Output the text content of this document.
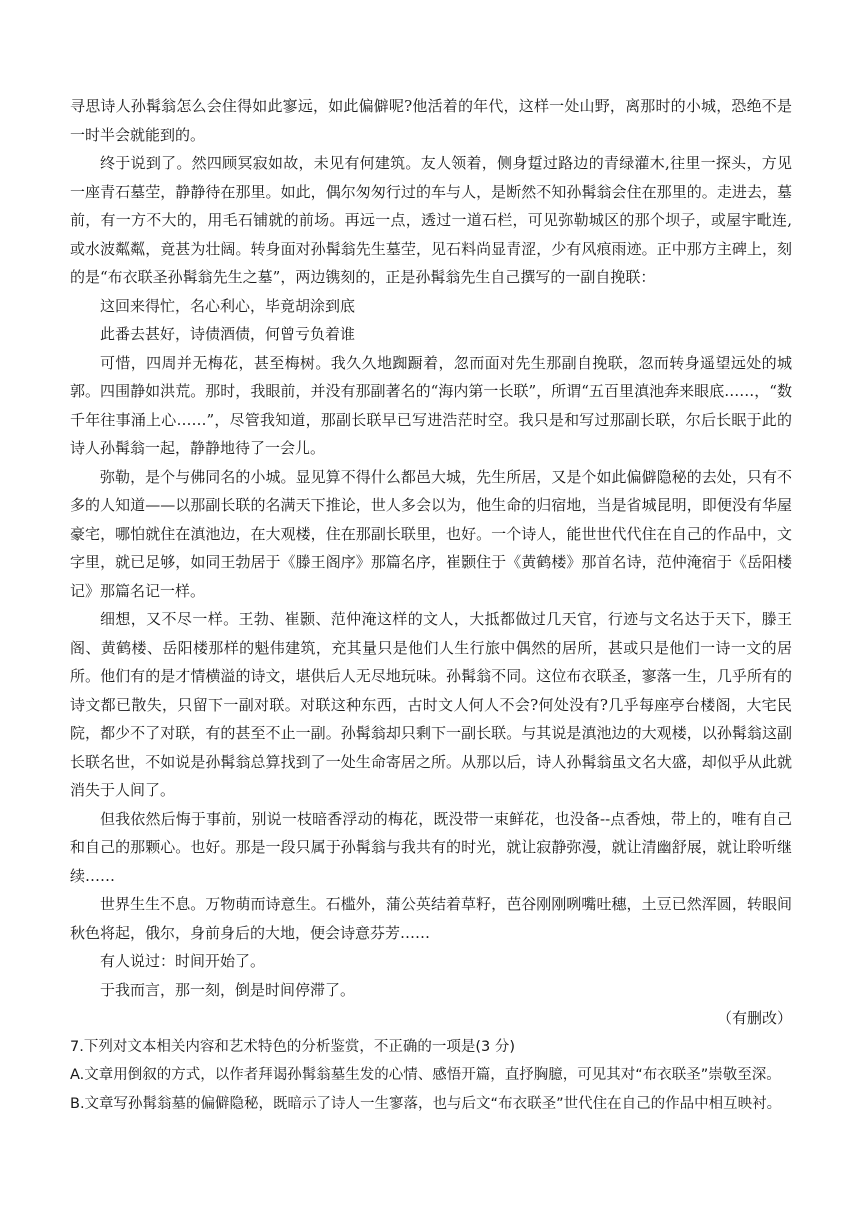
寻思诗人孙髯翁怎么会住得如此寥远，如此偏僻呢?他活着的年代，这样一处山野，离那时的小城，恐绝不是一时半会就能到的。

终于说到了。然四顾冥寂如故，未见有何建筑。友人领着，侧身踅过路边的青绿灌木,往里一探头，方见一座青石墓茔，静静待在那里。如此，偶尔匆匆行过的车与人，是断然不知孙髯翁会住在那里的。走进去，墓前，有一方不大的，用毛石铺就的前场。再远一点，透过一道石栏，可见弥勒城区的那个坝子，或屋宇毗连,或水波粼粼，竟甚为壮阔。转身面对孙髯翁先生墓茔，见石料尚显青涩，少有风痕雨迹。正中那方主碑上，刻的是“布衣联圣孙髯翁先生之墓”，两边镌刻的，正是孙髯翁先生自己撰写的一副自挽联：

这回来得忙，名心利心，毕竟胡涂到底

此番去甚好，诗债酒债，何曾亏负着谁

可惜，四周并无梅花，甚至梅树。我久久地踟蹰着，忽而面对先生那副自挽联，忽而转身遥望远处的城郭。四围静如洪荒。那时，我眼前，并没有那副著名的“海内第一长联”，所谓“五百里滇池奔来眼底……，“数千年往事涌上心……”，尽管我知道，那副长联早已写进浩茫时空。我只是和写过那副长联，尔后长眠于此的诗人孙髯翁一起，静静地待了一会儿。

弥勒，是个与佛同名的小城。显见算不得什么都邑大城，先生所居，又是个如此偏僻隐秘的去处，只有不多的人知道——以那副长联的名满天下推论，世人多会以为，他生命的归宿地，当是省城昆明，即便没有华屋豪宅，哪怕就住在滇池边，在大观楼，住在那副长联里，也好。一个诗人，能世世代代住在自己的作品中，文字里，就已足够，如同王勃居于《滕王阁序》那篇名序，崔颢住于《黄鹤楼》那首名诗，范仲淹宿于《岳阳楼记》那篇名记一样。

细想，又不尽一样。王勃、崔颢、范仲淹这样的文人，大抵都做过几天官，行迹与文名达于天下，滕王阁、黄鹤楼、岳阳楼那样的魁伟建筑，充其量只是他们人生行旅中偶然的居所，甚或只是他们一诗一文的居所。他们有的是才情横溢的诗文，堪供后人无尽地玩味。孙髯翁不同。这位布衣联圣，寥落一生，几乎所有的诗文都已散失，只留下一副对联。对联这种东西，古时文人何人不会?何处没有?几乎每座亭台楼阁，大宅民院，都少不了对联，有的甚至不止一副。孙髯翁却只剩下一副长联。与其说是滇池边的大观楼，以孙髯翁这副长联名世，不如说是孙髯翁总算找到了一处生命寄居之所。从那以后，诗人孙髯翁虽文名大盛，却似乎从此就消失于人间了。

但我依然后悔于事前，别说一枝暗香浮动的梅花，既没带一束鲜花，也没备--点香烛，带上的，唯有自己和自己的那颗心。也好。那是一段只属于孙髯翁与我共有的时光，就让寂静弥漫，就让清幽舒展，就让聆听继续……

世界生生不息。万物萌而诗意生。石槛外，蒲公英结着草籽，芭谷刚刚咧嘴吐穗，土豆已然浑圆，转眼间秋色将起，俄尔，身前身后的大地，便会诗意芬芳……

有人说过：时间开始了。

于我而言，那一刻，倒是时间停滞了。

（有删改）

7.下列对文本相关内容和艺术特色的分析鉴赏，不正确的一项是(3 分)

A.文章用倒叙的方式，以作者拜谒孙髯翁墓生发的心情、感悟开篇，直抒胸臆，可见其对“布衣联圣”崇敬至深。

B.文章写孙髯翁墓的偏僻隐秘，既暗示了诗人一生寥落，也与后文“布衣联圣”世代住在自己的作品中相互映衬。
